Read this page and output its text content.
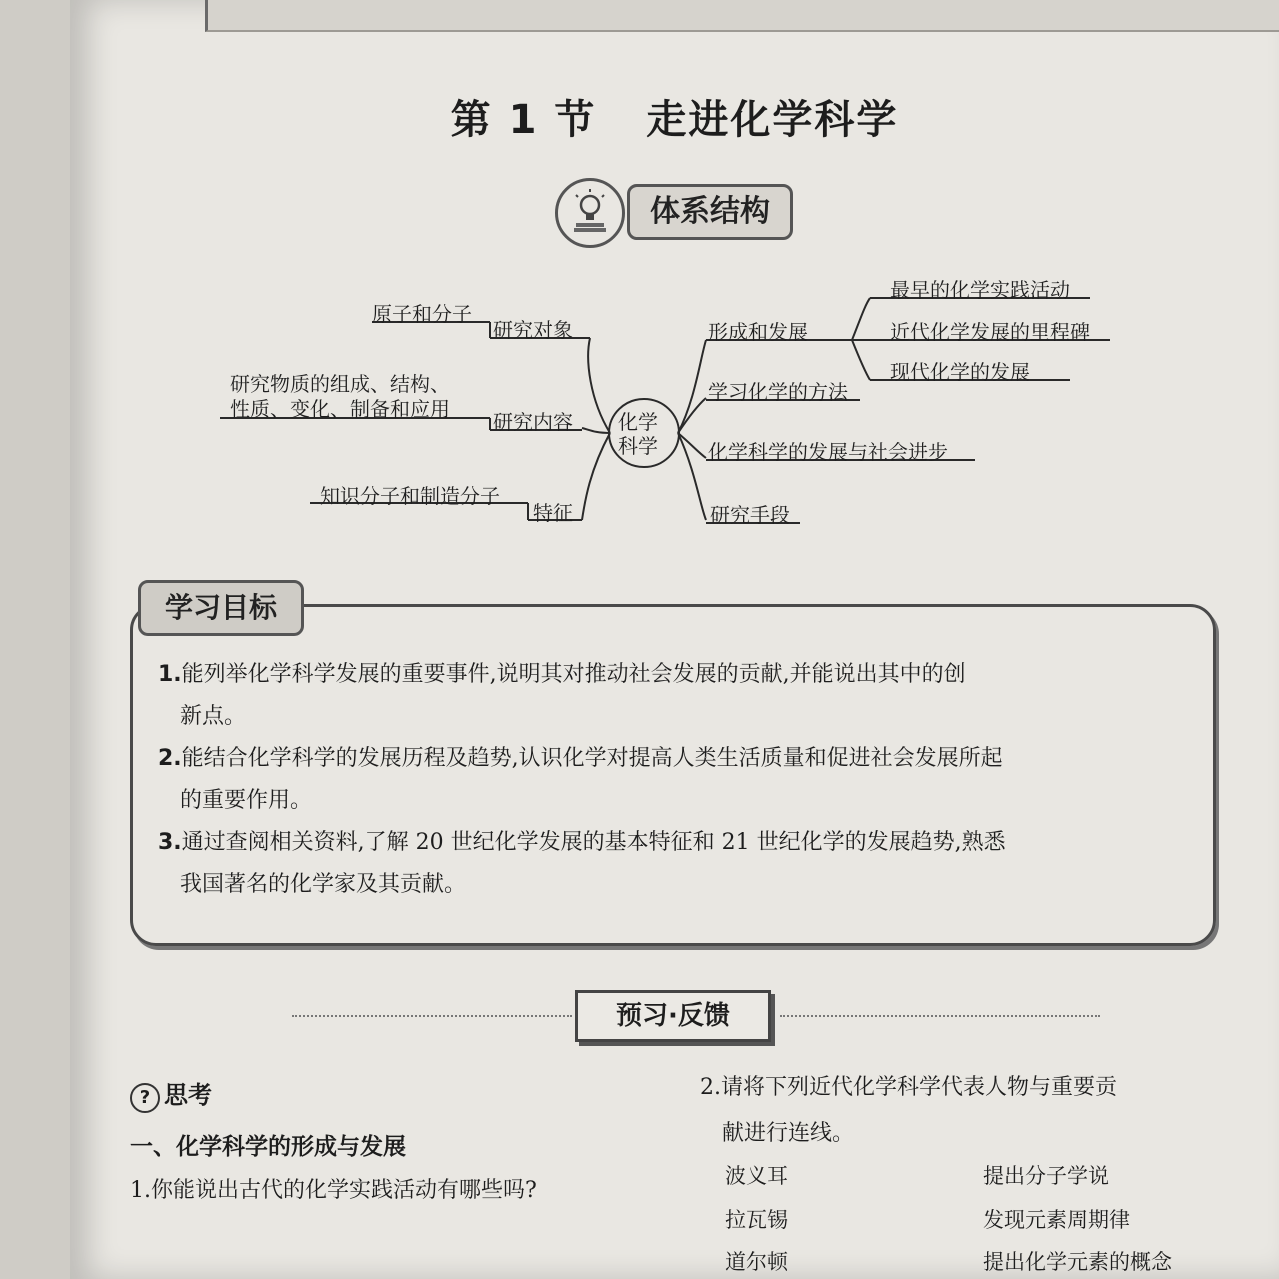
第 1 节 走进化学科学
体系结构
化学
科学
研究对象
原子和分子
研究内容
研究物质的组成、结构、
性质、变化、制备和应用
特征
知识分子和制造分子
形成和发展
最早的化学实践活动
近代化学发展的里程碑
现代化学的发展
学习化学的方法
化学科学的发展与社会进步
研究手段
学习目标
1.能列举化学科学发展的重要事件,说明其对推动社会发展的贡献,并能说出其中的创
新点。
2.能结合化学科学的发展历程及趋势,认识化学对提高人类生活质量和促进社会发展所起
的重要作用。
3.通过查阅相关资料,了解 20 世纪化学发展的基本特征和 21 世纪化学的发展趋势,熟悉
我国著名的化学家及其贡献。
预习·反馈
? 思考
一、化学科学的形成与发展
1.你能说出古代的化学实践活动有哪些吗?
2.请将下列近代化学科学代表人物与重要贡
献进行连线。
波义耳	提出分子学说
拉瓦锡	发现元素周期律
道尔顿	提出化学元素的概念
